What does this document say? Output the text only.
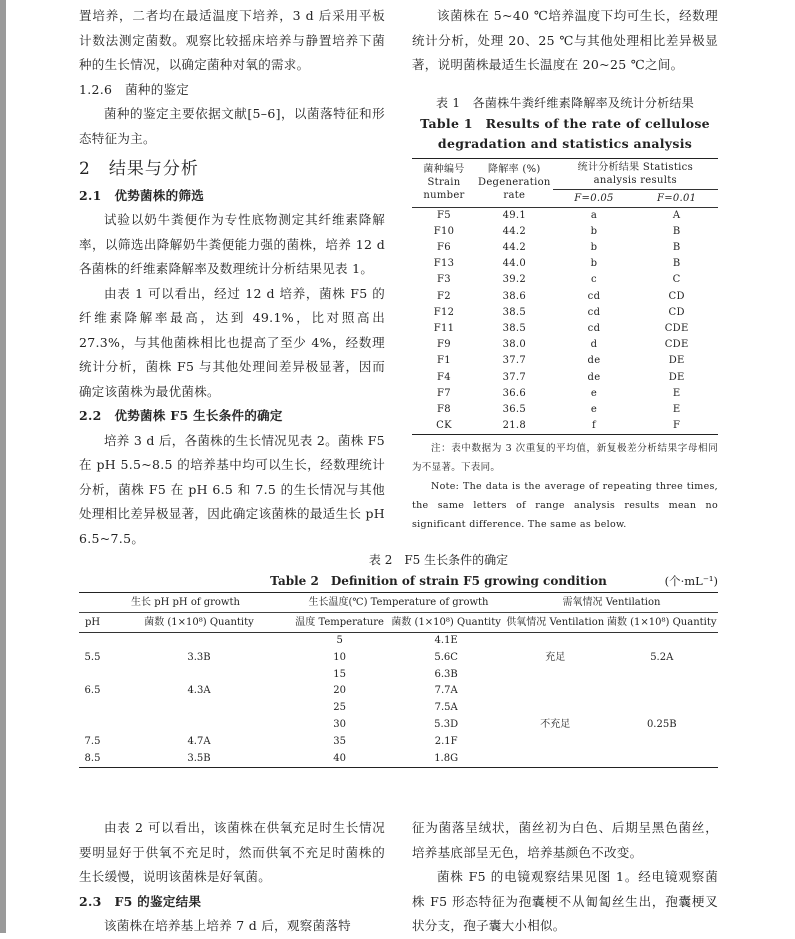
置培养，二者均在最适温度下培养，3 d 后采用平板计数法测定菌数。观察比较摇床培养与静置培养下菌种的生长情况，以确定菌种对氧的需求。

1.2.6　菌种的鉴定

菌种的鉴定主要依据文献[5–6]，以菌落特征和形态特征为主。

2　结果与分析

2.1　优势菌株的筛选

试验以奶牛粪便作为专性底物测定其纤维素降解率，以筛选出降解奶牛粪便能力强的菌株，培养 12 d 各菌株的纤维素降解率及数理统计分析结果见表 1。

由表 1 可以看出，经过 12 d 培养，菌株 F5 的纤维素降解率最高，达到 49.1%，比对照高出 27.3%，与其他菌株相比也提高了至少 4%，经数理统计分析，菌株 F5 与其他处理间差异极显著，因而确定该菌株为最优菌株。

2.2　优势菌株 F5 生长条件的确定

培养 3 d 后，各菌株的生长情况见表 2。菌株 F5 在 pH 5.5~8.5 的培养基中均可以生长，经数理统计分析，菌株 F5 在 pH 6.5 和 7.5 的生长情况与其他处理相比差异极显著，因此确定该菌株的最适生长 pH 6.5~7.5。

该菌株在 5~40 ℃培养温度下均可生长，经数理统计分析，处理 20、25 ℃与其他处理相比差异极显著，说明菌株最适生长温度在 20~25 ℃之间。

表 1　各菌株牛粪纤维素降解率及统计分析结果
Table 1　Results of the rate of cellulose degradation and statistics analysis
菌种编号 Strain number	降解率 (%) Degeneration rate	统计分析结果 Statistics analysis results	
		F=0.05	F=0.01
F5	49.1	a	A
F10	44.2	b	B
F6	44.2	b	B
F13	44.0	b	B
F3	39.2	c	C
F2	38.6	cd	CD
F12	38.5	cd	CD
F11	38.5	cd	CDE
F9	38.0	d	CDE
F1	37.7	de	DE
F4	37.7	de	DE
F7	36.6	e	E
F8	36.5	e	E
CK	21.8	f	F

注：表中数据为 3 次重复的平均值，新复极差分析结果字母相同为不显著。下表同。

Note: The data is the average of repeating three times, the same letters of range analysis results mean no significant difference. The same as below.

表 2　F5 生长条件的确定
Table 2　Definition of strain F5 growing condition	(个·mL⁻¹)
生长 pH pH of growth		生长温度(℃) Temperature of growth		需氧情况 Ventilation	
pH	菌数 (1×10⁸) Quantity	温度 Temperature	菌数 (1×10⁸) Quantity	供氧情况 Ventilation	菌数 (1×10⁸) Quantity
		5	4.1E		
5.5	3.3B	10	5.6C	充足	5.2A
		15	6.3B		
6.5	4.3A	20	7.7A		
		25	7.5A		
		30	5.3D	不充足	0.25B
7.5	4.7A	35	2.1F		
8.5	3.5B	40	1.8G		

由表 2 可以看出，该菌株在供氧充足时生长情况要明显好于供氧不充足时，然而供氧不充足时菌株的生长缓慢，说明该菌株是好氧菌。

2.3　F5 的鉴定结果

该菌株在培养基上培养 7 d 后，观察菌落特

征为菌落呈绒状，菌丝初为白色、后期呈黑色菌丝，培养基底部呈无色，培养基颜色不改变。

菌株 F5 的电镜观察结果见图 1。经电镜观察菌株 F5 形态特征为孢囊梗不从匍匐丝生出，孢囊梗叉状分支，孢子囊大小相似。
